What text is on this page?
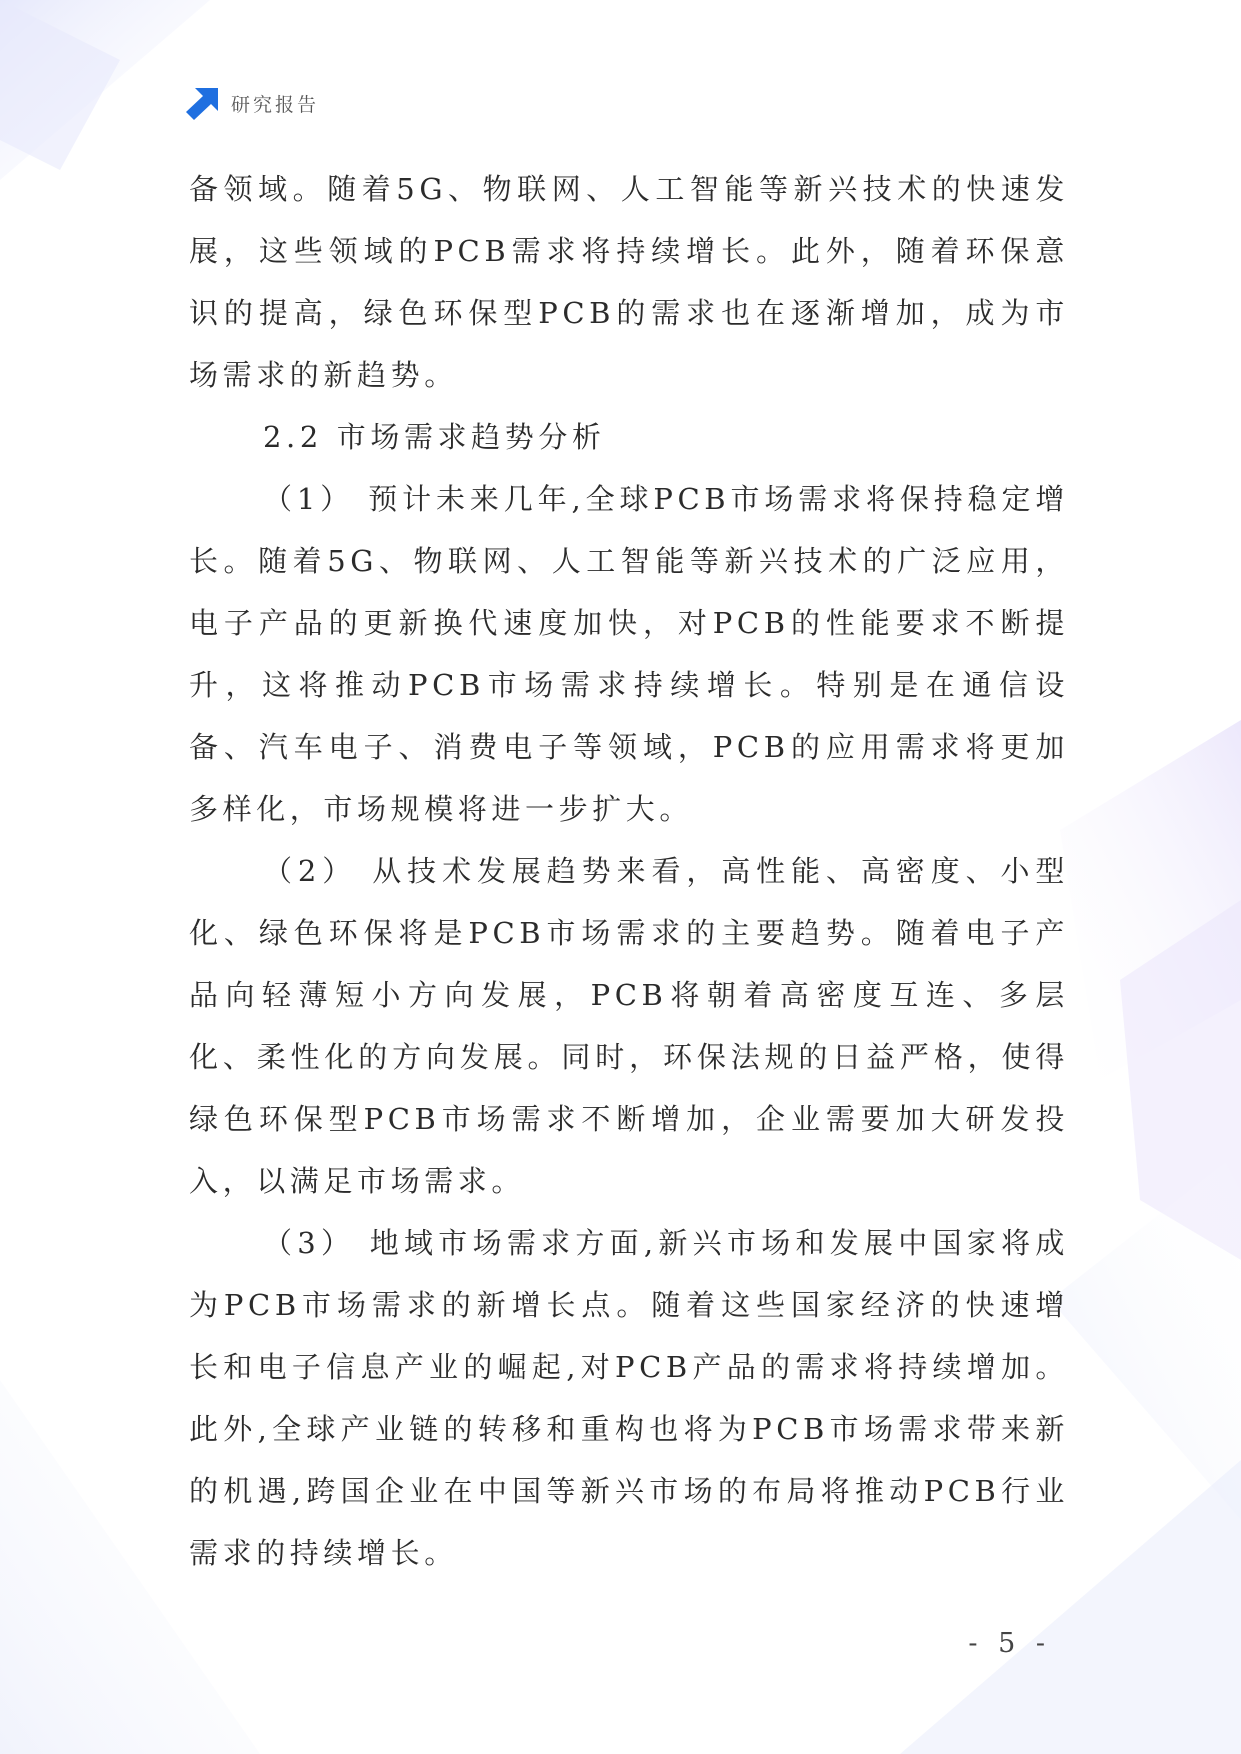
研究报告

备领域。随着5G、物联网、人工智能等新兴技术的快速发展，这些领域的PCB需求将持续增长。此外，随着环保意识的提高，绿色环保型PCB的需求也在逐渐增加，成为市场需求的新趋势。

2.2 市场需求趋势分析

（1） 预计未来几年,全球PCB市场需求将保持稳定增长。随着5G、物联网、人工智能等新兴技术的广泛应用，电子产品的更新换代速度加快，对PCB的性能要求不断提升，这将推动PCB市场需求持续增长。特别是在通信设备、汽车电子、消费电子等领域，PCB的应用需求将更加多样化，市场规模将进一步扩大。

（2） 从技术发展趋势来看，高性能、高密度、小型化、绿色环保将是PCB市场需求的主要趋势。随着电子产品向轻薄短小方向发展，PCB将朝着高密度互连、多层化、柔性化的方向发展。同时，环保法规的日益严格，使得绿色环保型PCB市场需求不断增加，企业需要加大研发投入，以满足市场需求。

（3） 地域市场需求方面,新兴市场和发展中国家将成为PCB市场需求的新增长点。随着这些国家经济的快速增长和电子信息产业的崛起,对PCB产品的需求将持续增加。此外,全球产业链的转移和重构也将为PCB市场需求带来新的机遇,跨国企业在中国等新兴市场的布局将推动PCB行业需求的持续增长。

- 5 -
